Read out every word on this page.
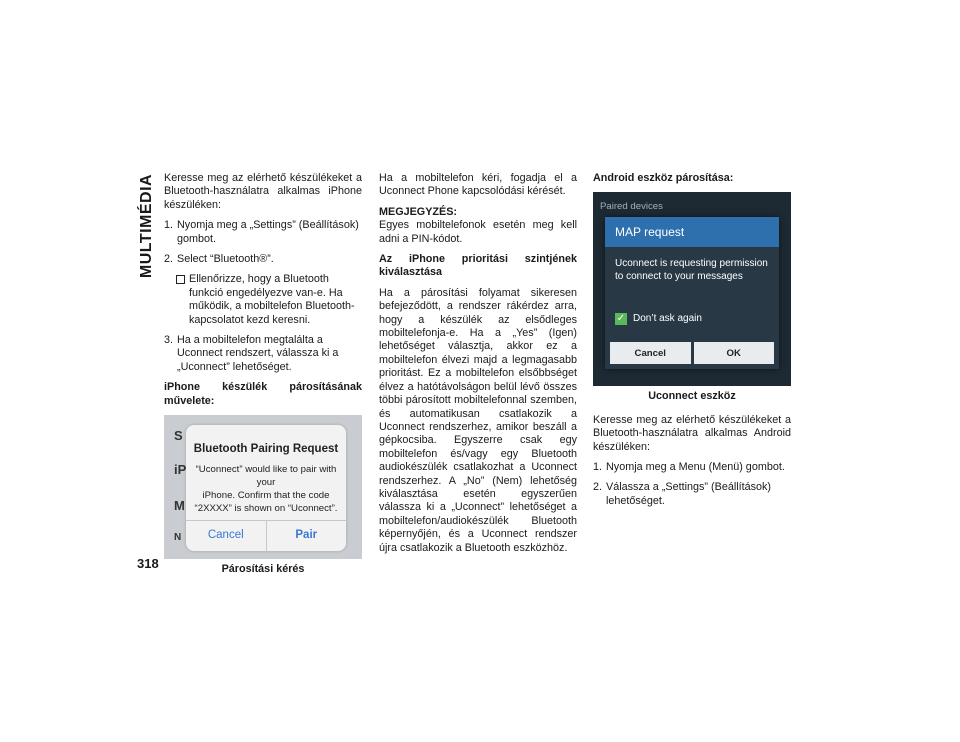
MULTIMÉDIA
318

Keresse meg az elérhető készülékeket a Bluetooth-használatra alkalmas iPhone készüléken:

1. Nyomja meg a „Settings” (Beállítások) gombot.
2. Select “Bluetooth®”.
Ellenőrizze, hogy a Bluetooth funkció engedélyezve van-e. Ha működik, a mobiltelefon Bluetooth-kapcsolatot kezd keresni.
3. Ha a mobiltelefon megtalálta a Uconnect rendszert, válassza ki a „Uconnect” lehetőséget.

iPhone készülék párosításának művelete:

S
iP
M
N
Bluetooth Pairing Request
“Uconnect” would like to pair with your
iPhone. Confirm that the code
“2XXXX” is shown on “Uconnect”.
Cancel	Pair
Párosítási kérés

Ha a mobiltelefon kéri, fogadja el a Uconnect Phone kapcsolódási kérését.

MEGJEGYZÉS:

Egyes mobiltelefonok esetén meg kell adni a PIN-kódot.

Az iPhone prioritási szintjének kiválasztása

Ha a párosítási folyamat sikeresen befejeződött, a rendszer rákérdez arra, hogy a készülék az elsődleges mobiltelefonja-e. Ha a „Yes” (Igen) lehetőséget választja, akkor ez a mobiltelefon élvezi majd a legmagasabb prioritást. Ez a mobiltelefon elsőbbséget élvez a hatótávolságon belül lévő összes többi párosított mobiltelefonnal szemben, és automatikusan csatlakozik a Uconnect rendszerhez, amikor beszáll a gépkocsiba. Egyszerre csak egy mobiltelefon és/vagy egy Bluetooth audiokészülék csatlakozhat a Uconnect rendszerhez. A „No” (Nem) lehetőség kiválasztása esetén egyszerűen válassza ki a „Uconnect” lehetőséget a mobiltelefon/audiokészülék Bluetooth képernyőjén, és a Uconnect rendszer újra csatlakozik a Bluetooth eszközhöz.

Android eszköz párosítása:

Paired devices
MAP request
Uconnect is requesting permission to connect to your messages
✓ Don’t ask again
Cancel	OK
Uconnect eszköz

Keresse meg az elérhető készülékeket a Bluetooth-használatra alkalmas Android készüléken:

1. Nyomja meg a Menu (Menü) gombot.
2. Válassza a „Settings” (Beállítások) lehetőséget.
